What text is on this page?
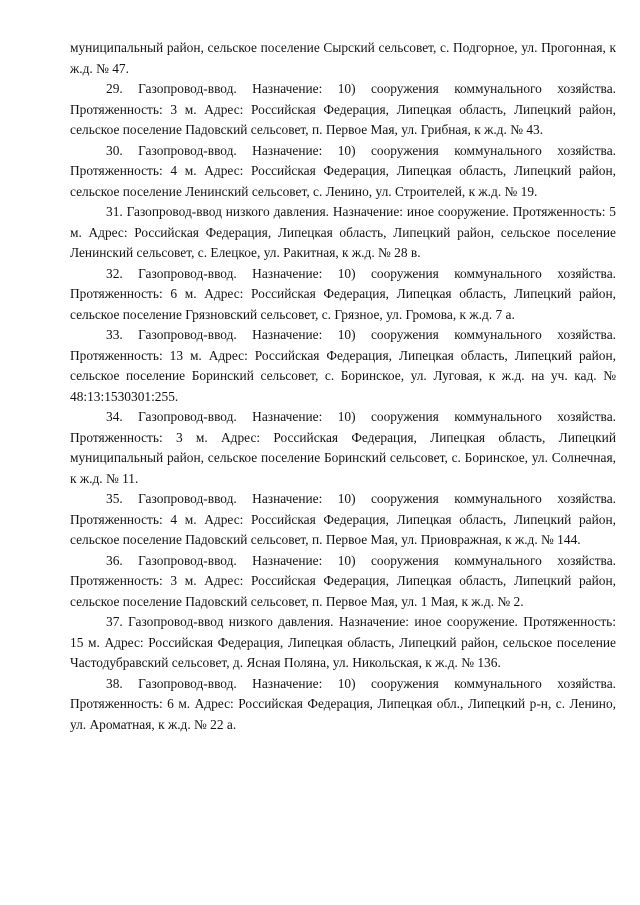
муниципальный район, сельское поселение Сырский сельсовет, с. Подгорное, ул. Прогонная, к ж.д. № 47.

29. Газопровод-ввод. Назначение: 10) сооружения коммунального хозяйства. Протяженность: 3 м. Адрес: Российская Федерация, Липецкая область, Липецкий район, сельское поселение Падовский сельсовет, п. Первое Мая, ул. Грибная, к ж.д. № 43.

30. Газопровод-ввод. Назначение: 10) сооружения коммунального хозяйства. Протяженность: 4 м. Адрес: Российская Федерация, Липецкая область, Липецкий район, сельское поселение Ленинский сельсовет, с. Ленино, ул. Строителей, к ж.д. № 19.

31. Газопровод-ввод низкого давления. Назначение: иное сооружение. Протяженность: 5 м. Адрес: Российская Федерация, Липецкая область, Липецкий район, сельское поселение Ленинский сельсовет, с. Елецкое, ул. Ракитная, к ж.д. № 28 в.

32. Газопровод-ввод. Назначение: 10) сооружения коммунального хозяйства. Протяженность: 6 м. Адрес: Российская Федерация, Липецкая область, Липецкий район, сельское поселение Грязновский сельсовет, с. Грязное, ул. Громова, к ж.д. 7 а.

33. Газопровод-ввод. Назначение: 10) сооружения коммунального хозяйства. Протяженность: 13 м. Адрес: Российская Федерация, Липецкая область, Липецкий район, сельское поселение Боринский сельсовет, с. Боринское, ул. Луговая, к ж.д. на уч. кад. № 48:13:1530301:255.

34. Газопровод-ввод. Назначение: 10) сооружения коммунального хозяйства. Протяженность: 3 м. Адрес: Российская Федерация, Липецкая область, Липецкий муниципальный район, сельское поселение Боринский сельсовет, с. Боринское, ул. Солнечная, к ж.д. № 11.

35. Газопровод-ввод. Назначение: 10) сооружения коммунального хозяйства. Протяженность: 4 м. Адрес: Российская Федерация, Липецкая область, Липецкий район, сельское поселение Падовский сельсовет, п. Первое Мая, ул. Приовражная, к ж.д. № 144.

36. Газопровод-ввод. Назначение: 10) сооружения коммунального хозяйства. Протяженность: 3 м. Адрес: Российская Федерация, Липецкая область, Липецкий район, сельское поселение Падовский сельсовет, п. Первое Мая, ул. 1 Мая, к ж.д. № 2.

37. Газопровод-ввод низкого давления. Назначение: иное сооружение. Протяженность: 15 м. Адрес: Российская Федерация, Липецкая область, Липецкий район, сельское поселение Частодубравский сельсовет, д. Ясная Поляна, ул. Никольская, к ж.д. № 136.

38. Газопровод-ввод. Назначение: 10) сооружения коммунального хозяйства. Протяженность: 6 м. Адрес: Российская Федерация, Липецкая обл., Липецкий р-н, с. Ленино, ул. Ароматная, к ж.д. № 22 а.
